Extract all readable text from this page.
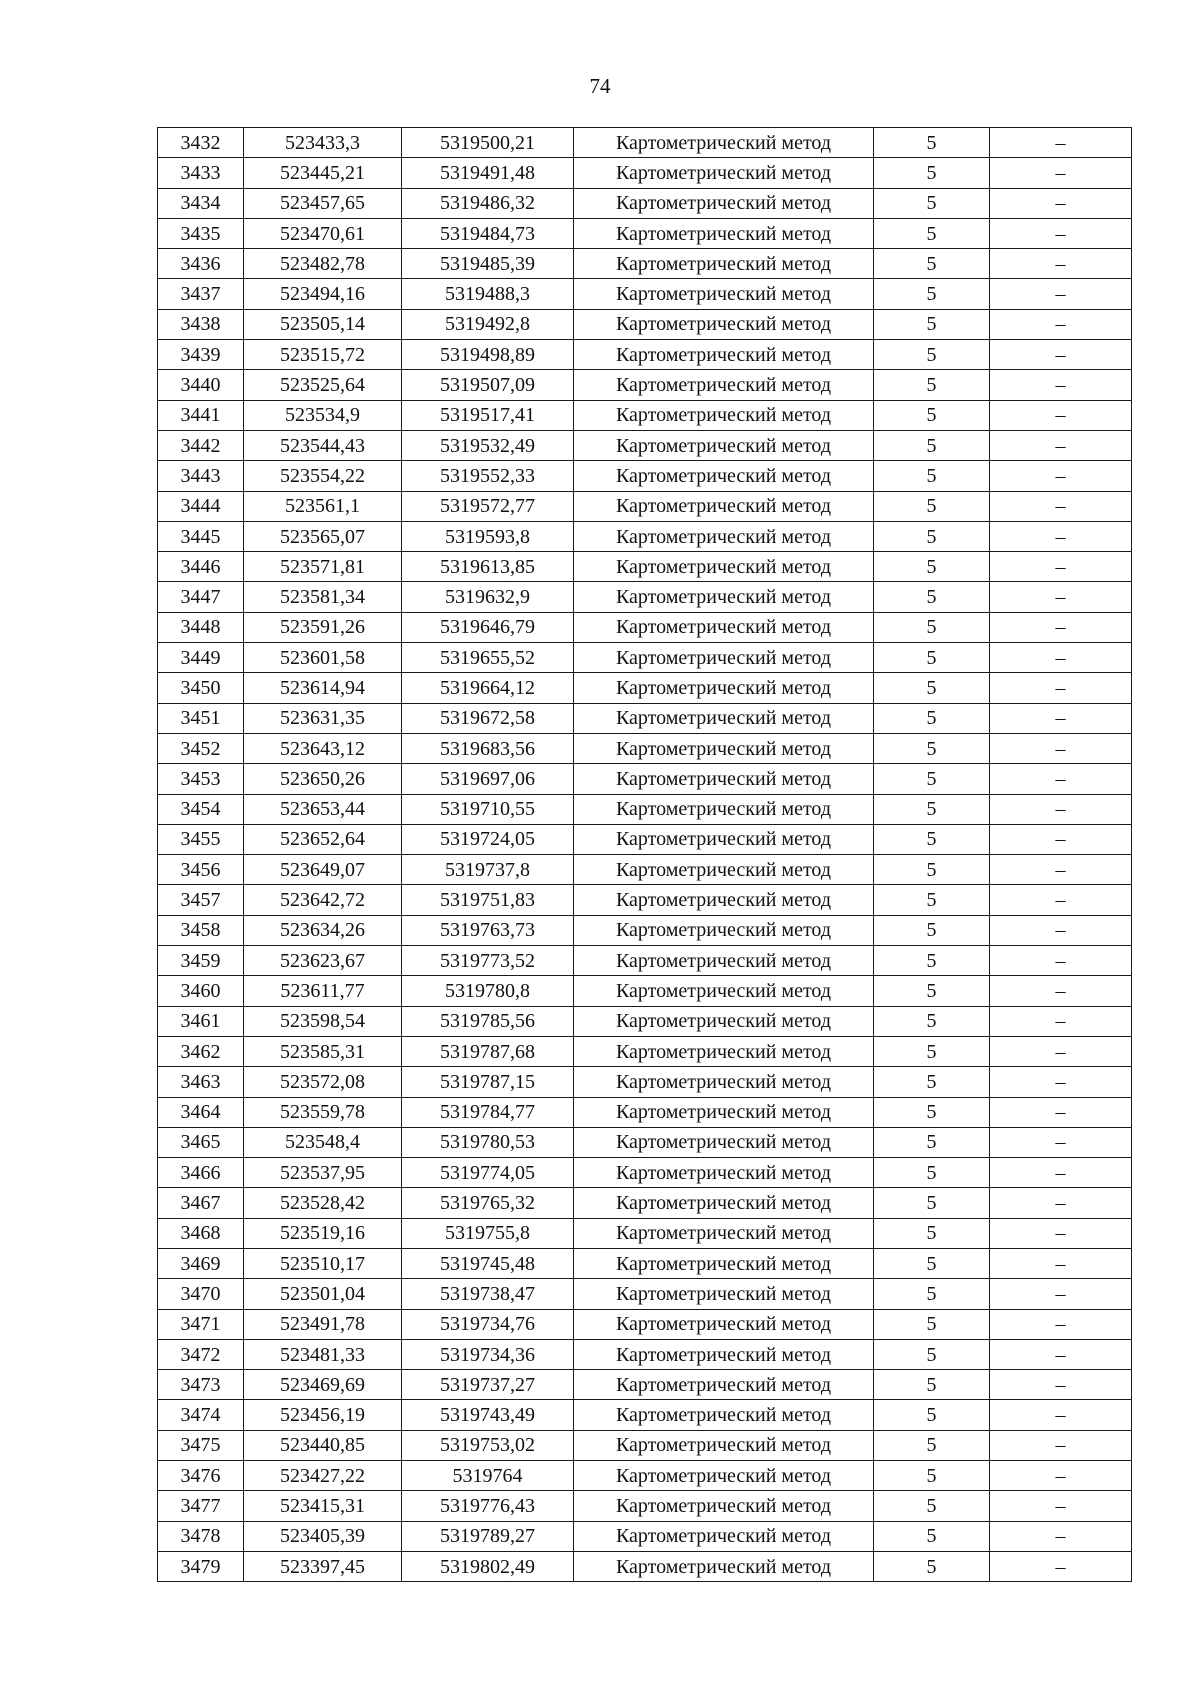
74
3432	523433,3	5319500,21	Картометрический метод	5	–
3433	523445,21	5319491,48	Картометрический метод	5	–
3434	523457,65	5319486,32	Картометрический метод	5	–
3435	523470,61	5319484,73	Картометрический метод	5	–
3436	523482,78	5319485,39	Картометрический метод	5	–
3437	523494,16	5319488,3	Картометрический метод	5	–
3438	523505,14	5319492,8	Картометрический метод	5	–
3439	523515,72	5319498,89	Картометрический метод	5	–
3440	523525,64	5319507,09	Картометрический метод	5	–
3441	523534,9	5319517,41	Картометрический метод	5	–
3442	523544,43	5319532,49	Картометрический метод	5	–
3443	523554,22	5319552,33	Картометрический метод	5	–
3444	523561,1	5319572,77	Картометрический метод	5	–
3445	523565,07	5319593,8	Картометрический метод	5	–
3446	523571,81	5319613,85	Картометрический метод	5	–
3447	523581,34	5319632,9	Картометрический метод	5	–
3448	523591,26	5319646,79	Картометрический метод	5	–
3449	523601,58	5319655,52	Картометрический метод	5	–
3450	523614,94	5319664,12	Картометрический метод	5	–
3451	523631,35	5319672,58	Картометрический метод	5	–
3452	523643,12	5319683,56	Картометрический метод	5	–
3453	523650,26	5319697,06	Картометрический метод	5	–
3454	523653,44	5319710,55	Картометрический метод	5	–
3455	523652,64	5319724,05	Картометрический метод	5	–
3456	523649,07	5319737,8	Картометрический метод	5	–
3457	523642,72	5319751,83	Картометрический метод	5	–
3458	523634,26	5319763,73	Картометрический метод	5	–
3459	523623,67	5319773,52	Картометрический метод	5	–
3460	523611,77	5319780,8	Картометрический метод	5	–
3461	523598,54	5319785,56	Картометрический метод	5	–
3462	523585,31	5319787,68	Картометрический метод	5	–
3463	523572,08	5319787,15	Картометрический метод	5	–
3464	523559,78	5319784,77	Картометрический метод	5	–
3465	523548,4	5319780,53	Картометрический метод	5	–
3466	523537,95	5319774,05	Картометрический метод	5	–
3467	523528,42	5319765,32	Картометрический метод	5	–
3468	523519,16	5319755,8	Картометрический метод	5	–
3469	523510,17	5319745,48	Картометрический метод	5	–
3470	523501,04	5319738,47	Картометрический метод	5	–
3471	523491,78	5319734,76	Картометрический метод	5	–
3472	523481,33	5319734,36	Картометрический метод	5	–
3473	523469,69	5319737,27	Картометрический метод	5	–
3474	523456,19	5319743,49	Картометрический метод	5	–
3475	523440,85	5319753,02	Картометрический метод	5	–
3476	523427,22	5319764	Картометрический метод	5	–
3477	523415,31	5319776,43	Картометрический метод	5	–
3478	523405,39	5319789,27	Картометрический метод	5	–
3479	523397,45	5319802,49	Картометрический метод	5	–
